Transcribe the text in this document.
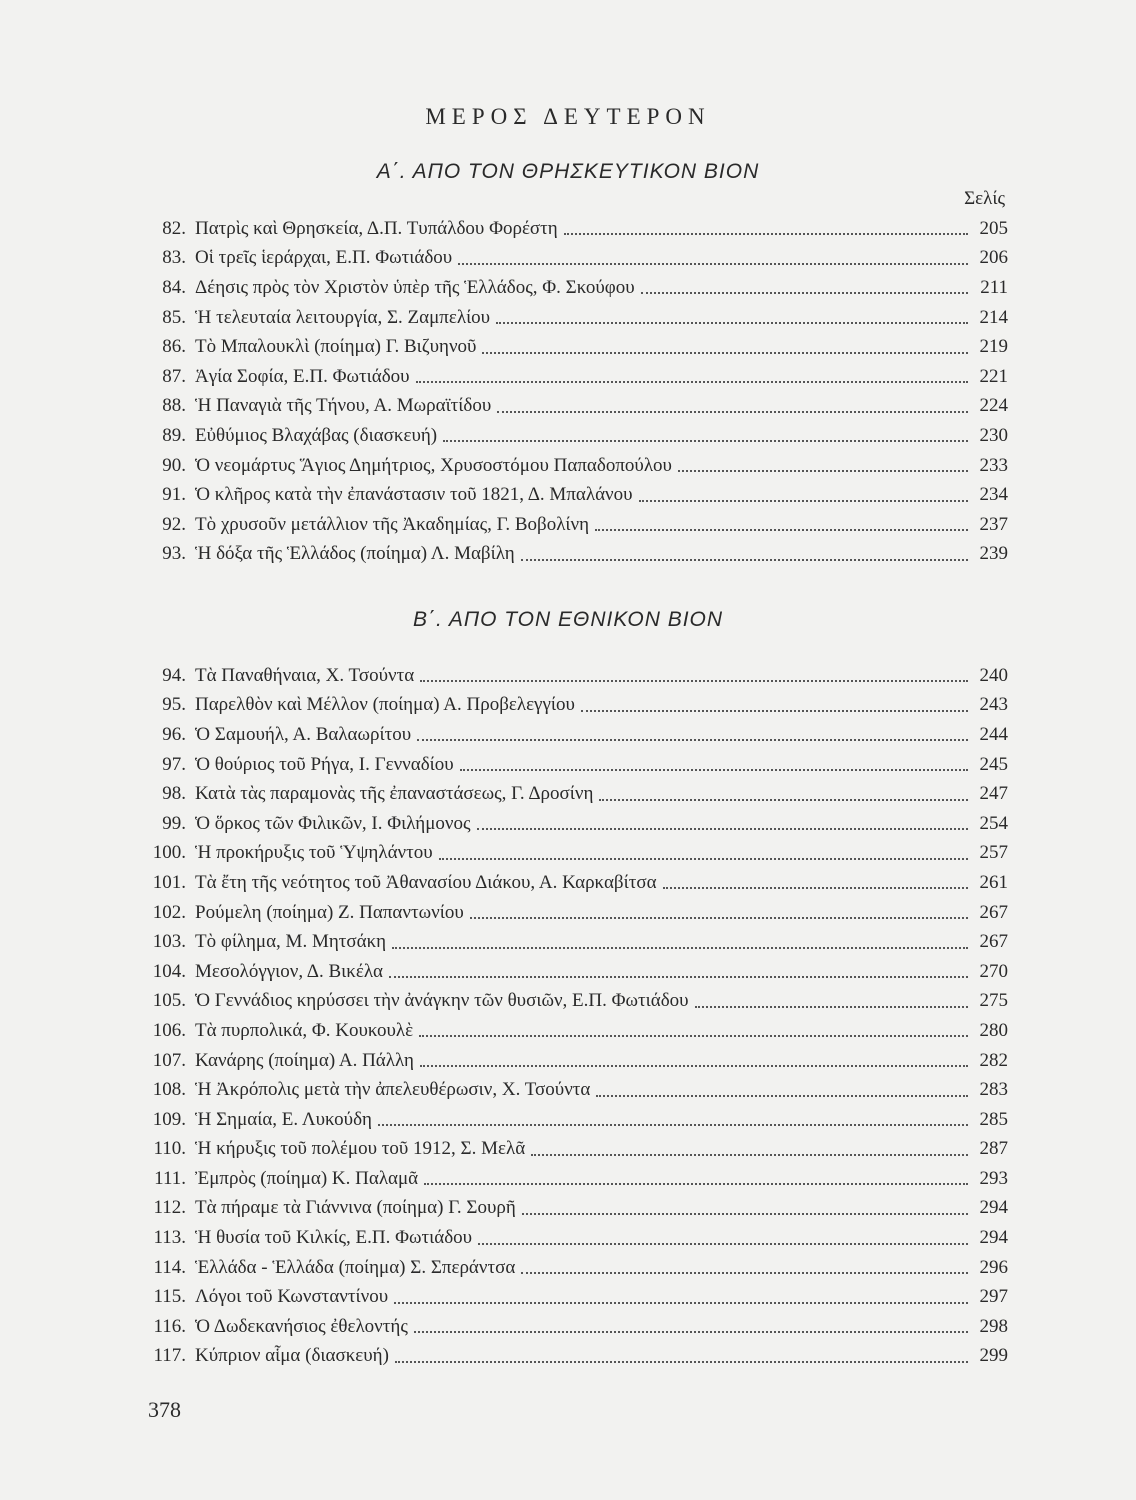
ΜΕΡΟΣ ΔΕΥΤΕΡΟΝ
Α΄. ΑΠΟ ΤΟΝ ΘΡΗΣΚΕΥΤΙΚΟΝ ΒΙΟΝ
Σελίς
82. Πατρὶς καὶ Θρησκεία, Δ.Π. Τυπάλδου Φορέστη	205
83. Οἱ τρεῖς ἱεράρχαι, Ε.Π. Φωτιάδου	206
84. Δέησις πρὸς τὸν Χριστὸν ὑπὲρ τῆς Ἑλλάδος, Φ. Σκούφου	211
85. Ἡ τελευταία λειτουργία, Σ. Ζαμπελίου	214
86. Τὸ Μπαλουκλὶ (ποίημα) Γ. Βιζυηνοῦ	219
87. Ἁγία Σοφία, Ε.Π. Φωτιάδου	221
88. Ἡ Παναγιὰ τῆς Τήνου, Α. Μωραϊτίδου	224
89. Εὐθύμιος Βλαχάβας (διασκευή)	230
90. Ὁ νεομάρτυς Ἅγιος Δημήτριος, Χρυσοστόμου Παπαδοπούλου	233
91. Ὁ κλῆρος κατὰ τὴν ἐπανάστασιν τοῦ 1821, Δ. Μπαλάνου	234
92. Τὸ χρυσοῦν μετάλλιον τῆς Ἀκαδημίας, Γ. Βοβολίνη	237
93. Ἡ δόξα τῆς Ἑλλάδος (ποίημα) Λ. Μαβίλη	239
Β΄. ΑΠΟ ΤΟΝ ΕΘΝΙΚΟΝ ΒΙΟΝ
94. Τὰ Παναθήναια, Χ. Τσούντα	240
95. Παρελθὸν καὶ Μέλλον (ποίημα) Α. Προβελεγγίου	243
96. Ὁ Σαμουήλ, Α. Βαλαωρίτου	244
97. Ὁ θούριος τοῦ Ρήγα, Ι. Γενναδίου	245
98. Κατὰ τὰς παραμονὰς τῆς ἐπαναστάσεως, Γ. Δροσίνη	247
99. Ὁ ὅρκος τῶν Φιλικῶν, Ι. Φιλήμονος	254
100. Ἡ προκήρυξις τοῦ Ὑψηλάντου	257
101. Τὰ ἔτη τῆς νεότητος τοῦ Ἀθανασίου Διάκου, Α. Καρκαβίτσα	261
102. Ρούμελη (ποίημα) Ζ. Παπαντωνίου	267
103. Τὸ φίλημα, Μ. Μητσάκη	267
104. Μεσολόγγιον, Δ. Βικέλα	270
105. Ὁ Γεννάδιος κηρύσσει τὴν ἀνάγκην τῶν θυσιῶν, Ε.Π. Φωτιάδου	275
106. Τὰ πυρπολικά, Φ. Κουκουλὲ	280
107. Κανάρης (ποίημα) Α. Πάλλη	282
108. Ἡ Ἀκρόπολις μετὰ τὴν ἀπελευθέρωσιν, Χ. Τσούντα	283
109. Ἡ Σημαία, Ε. Λυκούδη	285
110. Ἡ κήρυξις τοῦ πολέμου τοῦ 1912, Σ. Μελᾶ	287
111. Ἐμπρὸς (ποίημα) Κ. Παλαμᾶ	293
112. Τὰ πήραμε τὰ Γιάννινα (ποίημα) Γ. Σουρῆ	294
113. Ἡ θυσία τοῦ Κιλκίς, Ε.Π. Φωτιάδου	294
114. Ἑλλάδα - Ἑλλάδα (ποίημα) Σ. Σπεράντσα	296
115. Λόγοι τοῦ Κωνσταντίνου	297
116. Ὁ Δωδεκανήσιος ἐθελοντής	298
117. Κύπριον αἷμα (διασκευή)	299
378
